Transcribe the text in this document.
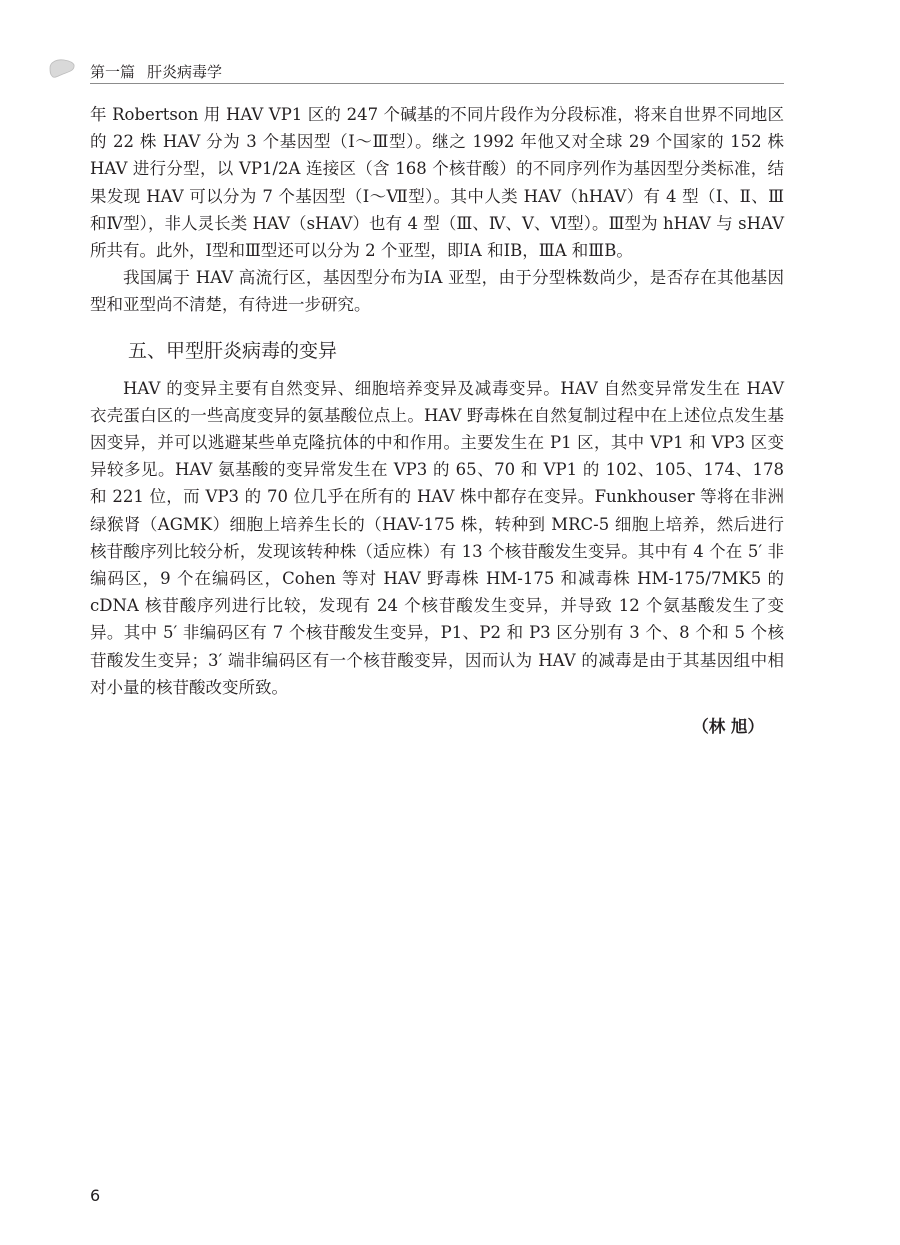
第一篇 肝炎病毒学

年 Robertson 用 HAV VP1 区的 247 个碱基的不同片段作为分段标准，将来自世界不同地区的 22 株 HAV 分为 3 个基因型（Ⅰ～Ⅲ型）。继之 1992 年他又对全球 29 个国家的 152 株 HAV 进行分型，以 VP1/2A 连接区（含 168 个核苷酸）的不同序列作为基因型分类标准，结果发现 HAV 可以分为 7 个基因型（Ⅰ～Ⅶ型）。其中人类 HAV（hHAV）有 4 型（Ⅰ、Ⅱ、Ⅲ和Ⅳ型），非人灵长类 HAV（sHAV）也有 4 型（Ⅲ、Ⅳ、Ⅴ、Ⅵ型）。Ⅲ型为 hHAV 与 sHAV 所共有。此外，Ⅰ型和Ⅲ型还可以分为 2 个亚型，即ⅠA 和ⅠB，ⅢA 和ⅢB。

我国属于 HAV 高流行区，基因型分布为ⅠA 亚型，由于分型株数尚少，是否存在其他基因型和亚型尚不清楚，有待进一步研究。

五、甲型肝炎病毒的变异

HAV 的变异主要有自然变异、细胞培养变异及减毒变异。HAV 自然变异常发生在 HAV 衣壳蛋白区的一些高度变异的氨基酸位点上。HAV 野毒株在自然复制过程中在上述位点发生基因变异，并可以逃避某些单克隆抗体的中和作用。主要发生在 P1 区，其中 VP1 和 VP3 区变异较多见。HAV 氨基酸的变异常发生在 VP3 的 65、70 和 VP1 的 102、105、174、178 和 221 位，而 VP3 的 70 位几乎在所有的 HAV 株中都存在变异。Funkhouser 等将在非洲绿猴肾（AGMK）细胞上培养生长的（HAV-175 株，转种到 MRC-5 细胞上培养，然后进行核苷酸序列比较分析，发现该转种株（适应株）有 13 个核苷酸发生变异。其中有 4 个在 5′ 非编码区，9 个在编码区，Cohen 等对 HAV 野毒株 HM-175 和减毒株 HM-175/7MK5 的 cDNA 核苷酸序列进行比较，发现有 24 个核苷酸发生变异，并导致 12 个氨基酸发生了变异。其中 5′ 非编码区有 7 个核苷酸发生变异，P1、P2 和 P3 区分别有 3 个、8 个和 5 个核苷酸发生变异；3′ 端非编码区有一个核苷酸变异，因而认为 HAV 的减毒是由于其基因组中相对小量的核苷酸改变所致。

（林 旭）
6
